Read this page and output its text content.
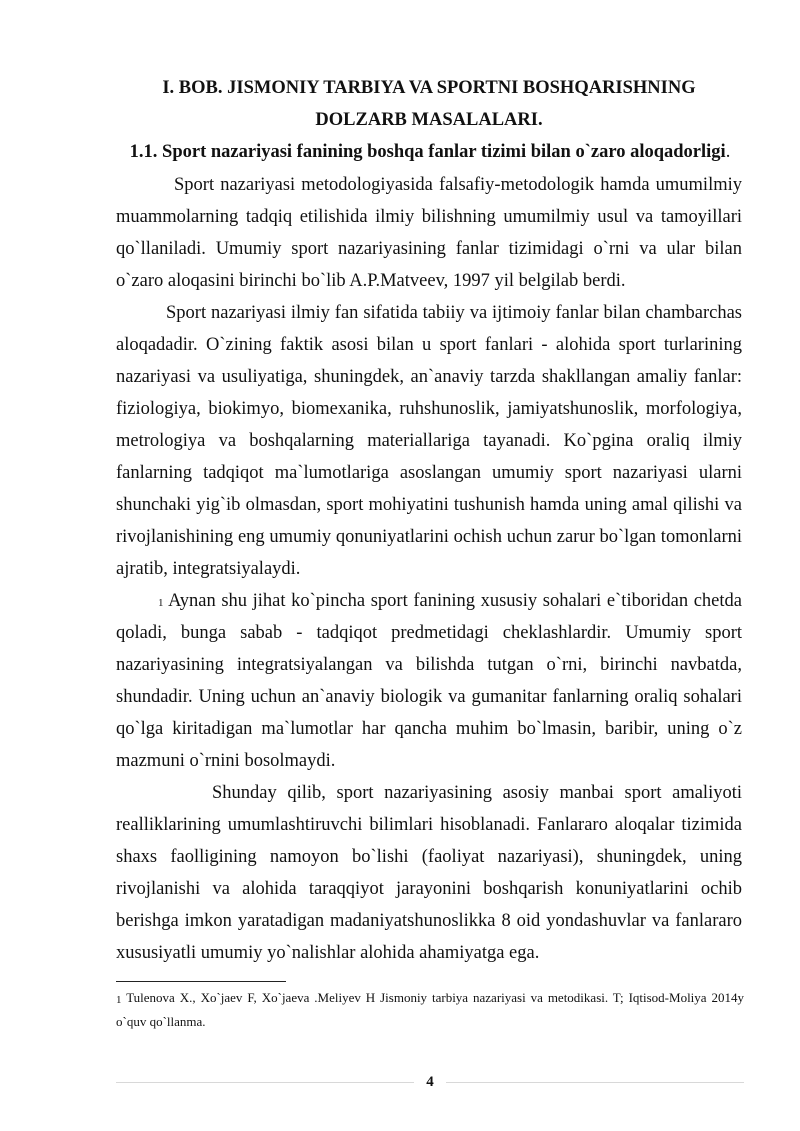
I. BOB. JISMONIY TARBIYA VA SPORTNI BOSHQARISHNING
DOLZARB MASALALARI.
1.1. Sport nazariyasi fanining boshqa fanlar tizimi bilan o`zaro aloqadorligi.

Sport nazariyasi metodologiyasida falsafiy-metodologik hamda umumilmiy muammolarning tadqiq etilishida ilmiy bilishning umumilmiy usul va tamoyillari qo`llaniladi. Umumiy sport nazariyasining fanlar tizimidagi o`rni va ular bilan o`zaro aloqasini birinchi bo`lib A.P.Matveev, 1997 yil belgilab berdi.

Sport nazariyasi ilmiy fan sifatida tabiiy va ijtimoiy fanlar bilan chambarchas aloqadadir. O`zining faktik asosi bilan u sport fanlari - alohida sport turlarining nazariyasi va usuliyatiga, shuningdek, an`anaviy tarzda shakllangan amaliy fanlar: fiziologiya, biokimyo, biomexanika, ruhshunoslik, jamiyatshunoslik, morfologiya, metrologiya va boshqalarning materiallariga tayanadi. Ko`pgina oraliq ilmiy fanlarning tadqiqot ma`lumotlariga asoslangan umumiy sport nazariyasi ularni shunchaki yig`ib olmasdan, sport mohiyatini tushunish hamda uning amal qilishi va rivojlanishining eng umumiy qonuniyatlarini ochish uchun zarur bo`lgan tomonlarni ajratib, integratsiyalaydi.

$^1$ Aynan shu jihat ko`pincha sport fanining xususiy sohalari e`tiboridan chetda qoladi, bunga sabab - tadqiqot predmetidagi cheklashlardir. Umumiy sport nazariyasining integratsiyalangan va bilishda tutgan o`rni, birinchi navbatda, shundadir. Uning uchun an`anaviy biologik va gumanitar fanlarning oraliq sohalari qo`lga kiritadigan ma`lumotlar har qancha muhim bo`lmasin, baribir, uning o`z mazmuni o`rnini bosolmaydi.

Shunday qilib, sport nazariyasining asosiy manbai sport amaliyoti realliklarining umumlashtiruvchi bilimlari hisoblanadi. Fanlararo aloqalar tizimida shaxs faolligining namoyon bo`lishi (faoliyat nazariyasi), shuningdek, uning rivojlanishi va alohida taraqqiyot jarayonini boshqarish konuniyatlarini ochib berishga imkon yaratadigan madaniyatshunoslikka 8 oid yondashuvlar va fanlararo xususiyatli umumiy yo`nalishlar alohida ahamiyatga ega.

$^1$ Tulenova X., Xo`jaev F, Xo`jaeva .Meliyev H Jismoniy tarbiya nazariyasi va metodikasi. T; Iqtisod-Moliya 2014y o`quv qo`llanma.
4
